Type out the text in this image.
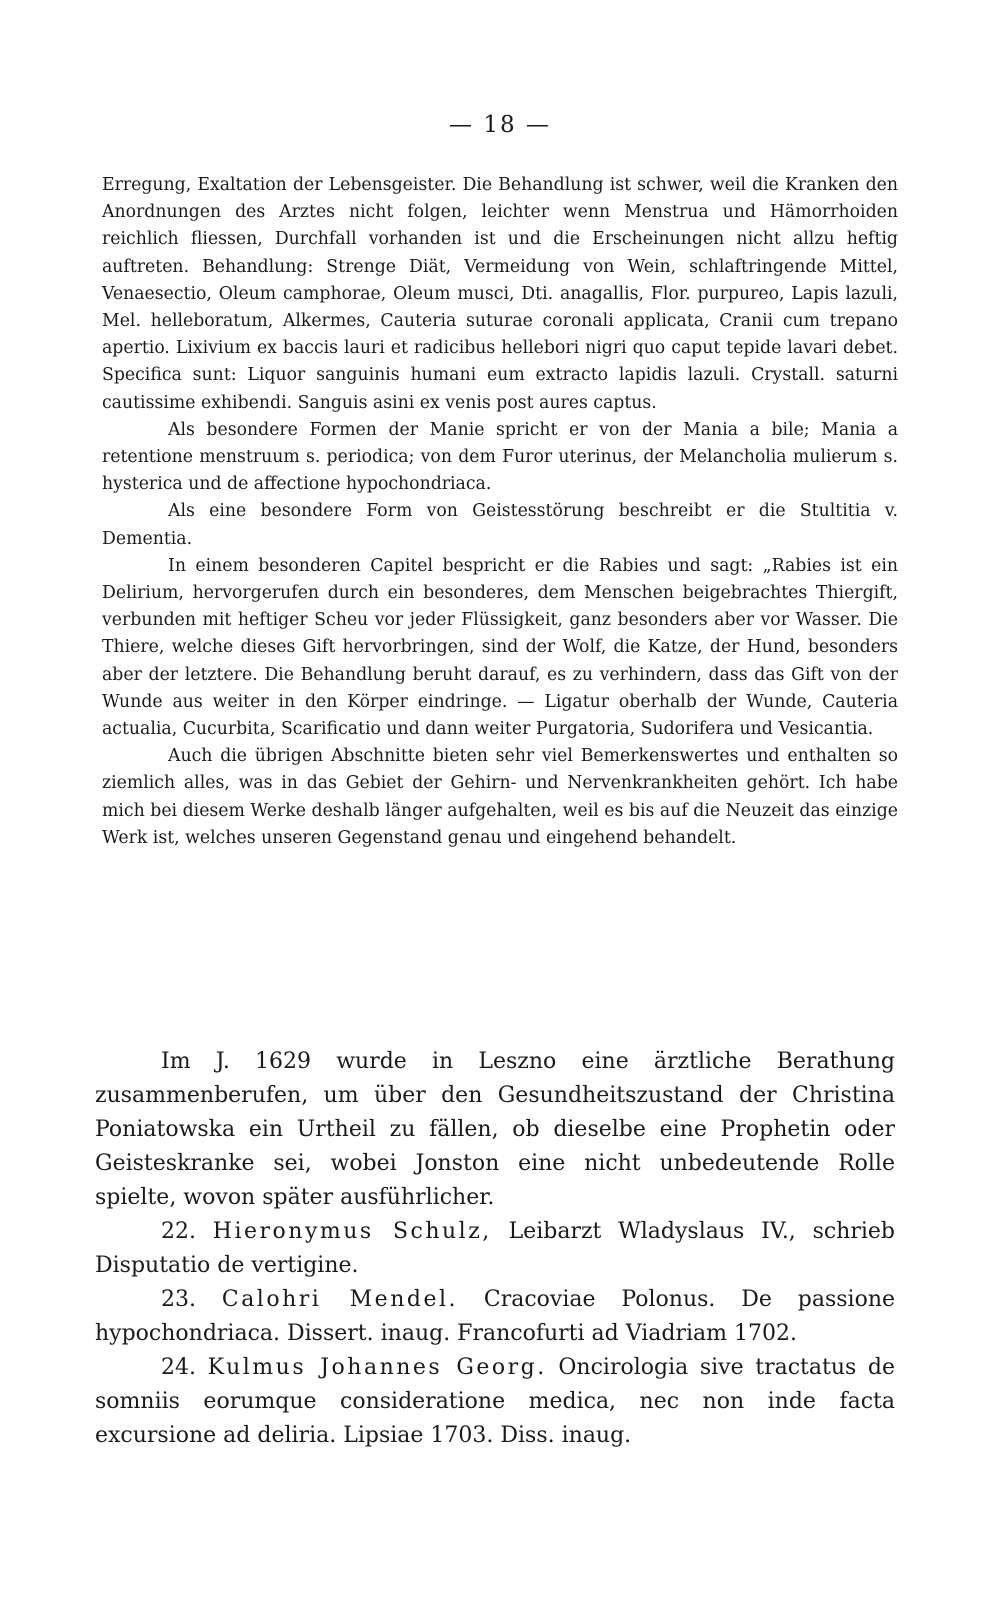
— 18 —

Erregung, Exaltation der Lebensgeister. Die Behandlung ist schwer, weil die Kranken den Anordnungen des Arztes nicht folgen, leichter wenn Menstrua und Hämorrhoiden reichlich fliessen, Durchfall vorhanden ist und die Erscheinungen nicht allzu heftig auftreten. Behandlung: Strenge Diät, Vermeidung von Wein, schlaftringende Mittel, Venaesectio, Oleum camphorae, Oleum musci, Dti. anagallis, Flor. purpureo, Lapis lazuli, Mel. helleboratum, Alkermes, Cauteria suturae coronali applicata, Cranii cum trepano apertio. Lixivium ex baccis lauri et radicibus hellebori nigri quo caput tepide lavari debet. Specifica sunt: Liquor sanguinis humani eum extracto lapidis lazuli. Crystall. saturni cautissime exhibendi. Sanguis asini ex venis post aures captus.

Als besondere Formen der Manie spricht er von der Mania a bile; Mania a retentione menstruum s. periodica; von dem Furor uterinus, der Melancholia mulierum s. hysterica und de affectione hypochondriaca.

Als eine besondere Form von Geistesstörung beschreibt er die Stultitia v. Dementia.

In einem besonderen Capitel bespricht er die Rabies und sagt: „Rabies ist ein Delirium, hervorgerufen durch ein besonderes, dem Menschen beigebrachtes Thiergift, verbunden mit heftiger Scheu vor jeder Flüssigkeit, ganz besonders aber vor Wasser. Die Thiere, welche dieses Gift hervorbringen, sind der Wolf, die Katze, der Hund, besonders aber der letztere. Die Behandlung beruht darauf, es zu verhindern, dass das Gift von der Wunde aus weiter in den Körper eindringe. — Ligatur oberhalb der Wunde, Cauteria actualia, Cucurbita, Scarificatio und dann weiter Purgatoria, Sudorifera und Vesicantia.

Auch die übrigen Abschnitte bieten sehr viel Bemerkenswertes und enthalten so ziemlich alles, was in das Gebiet der Gehirn- und Nervenkrankheiten gehört. Ich habe mich bei diesem Werke deshalb länger aufgehalten, weil es bis auf die Neuzeit das einzige Werk ist, welches unseren Gegenstand genau und eingehend behandelt.

Im J. 1629 wurde in Leszno eine ärztliche Berathung zusammenberufen, um über den Gesundheitszustand der Christina Poniatowska ein Urtheil zu fällen, ob dieselbe eine Prophetin oder Geisteskranke sei, wobei Jonston eine nicht unbedeutende Rolle spielte, wovon später ausführlicher.

22. Hieronymus Schulz, Leibarzt Wladyslaus IV., schrieb Disputatio de vertigine.

23. Calohri Mendel. Cracoviae Polonus. De passione hypochondriaca. Dissert. inaug. Francofurti ad Viadriam 1702.

24. Kulmus Johannes Georg. Oncirologia sive tractatus de somniis eorumque consideratione medica, nec non inde facta excursione ad deliria. Lipsiae 1703. Diss. inaug.
